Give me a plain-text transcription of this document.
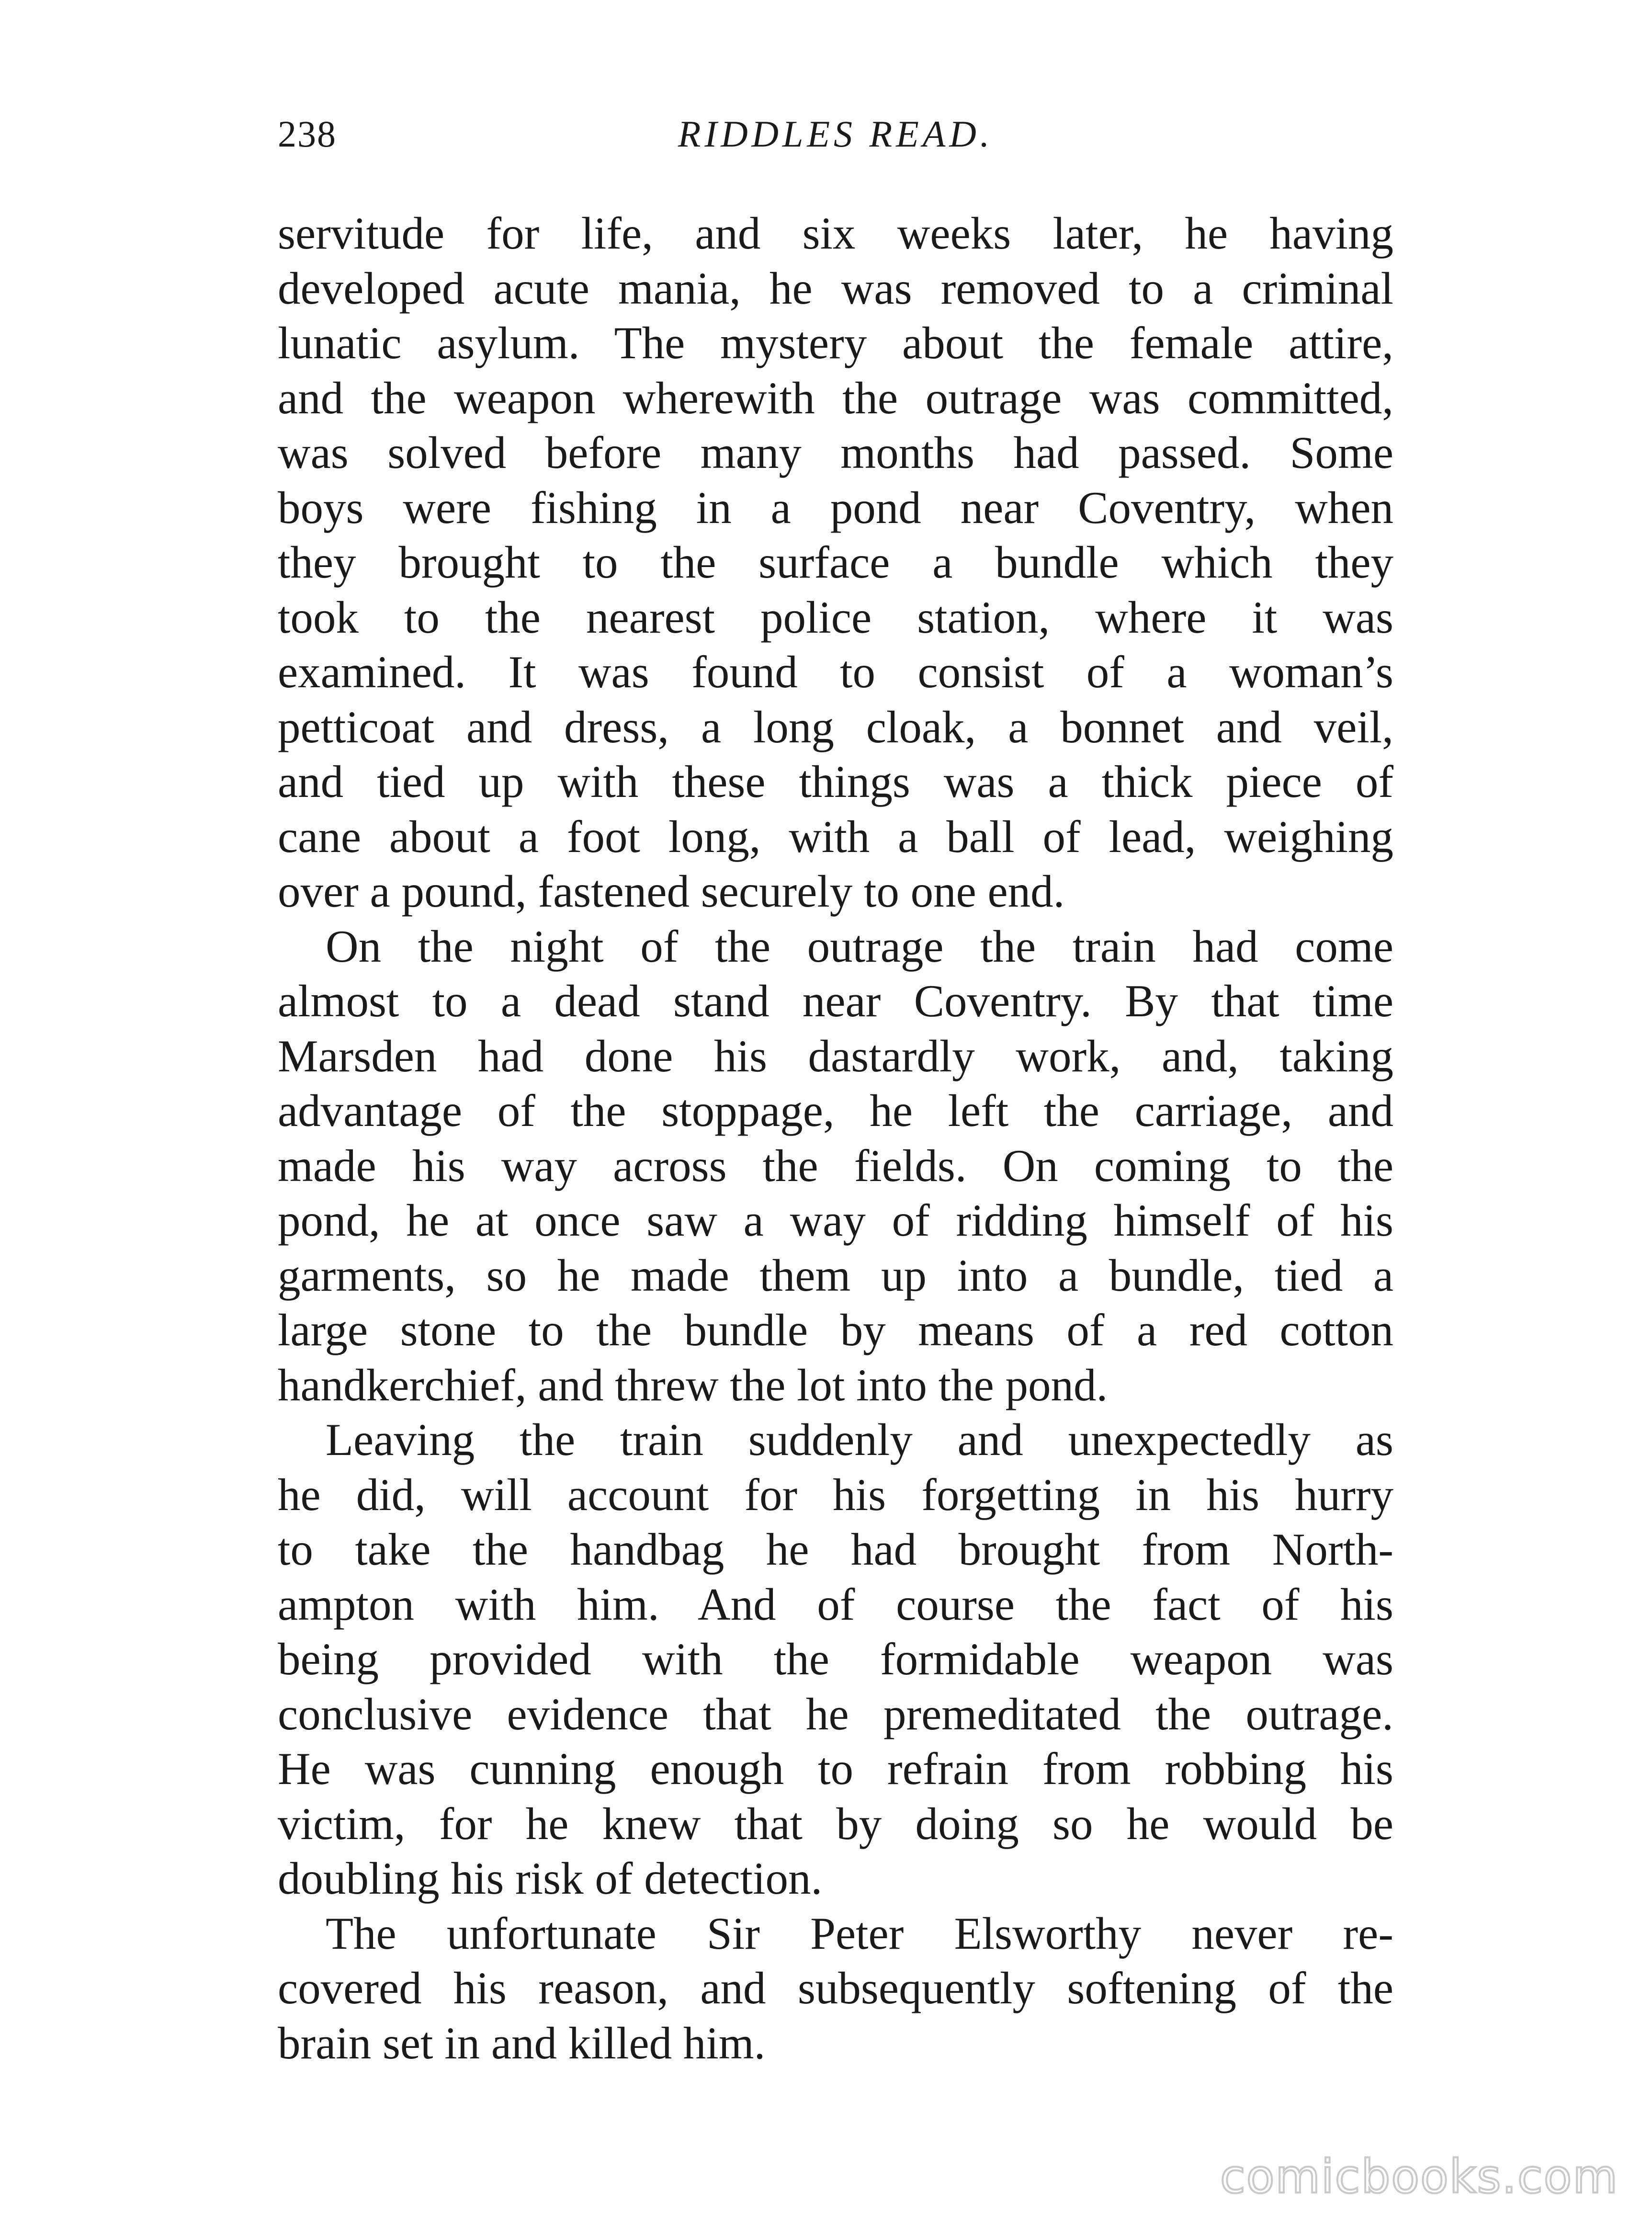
238	RIDDLES READ.
servitude for life, and six weeks later, he having
developed acute mania, he was removed to a criminal
lunatic asylum. The mystery about the female attire,
and the weapon wherewith the outrage was committed,
was solved before many months had passed. Some
boys were fishing in a pond near Coventry, when
they brought to the surface a bundle which they
took to the nearest police station, where it was
examined. It was found to consist of a woman’s
petticoat and dress, a long cloak, a bonnet and veil,
and tied up with these things was a thick piece of
cane about a foot long, with a ball of lead, weighing
over a pound, fastened securely to one end.
On the night of the outrage the train had come
almost to a dead stand near Coventry. By that time
Marsden had done his dastardly work, and, taking
advantage of the stoppage, he left the carriage, and
made his way across the fields. On coming to the
pond, he at once saw a way of ridding himself of his
garments, so he made them up into a bundle, tied a
large stone to the bundle by means of a red cotton
handkerchief, and threw the lot into the pond.
Leaving the train suddenly and unexpectedly as
he did, will account for his forgetting in his hurry
to take the handbag he had brought from North-
ampton with him. And of course the fact of his
being provided with the formidable weapon was
conclusive evidence that he premeditated the outrage.
He was cunning enough to refrain from robbing his
victim, for he knew that by doing so he would be
doubling his risk of detection.
The unfortunate Sir Peter Elsworthy never re-
covered his reason, and subsequently softening of the
brain set in and killed him.
comicbooks.com
